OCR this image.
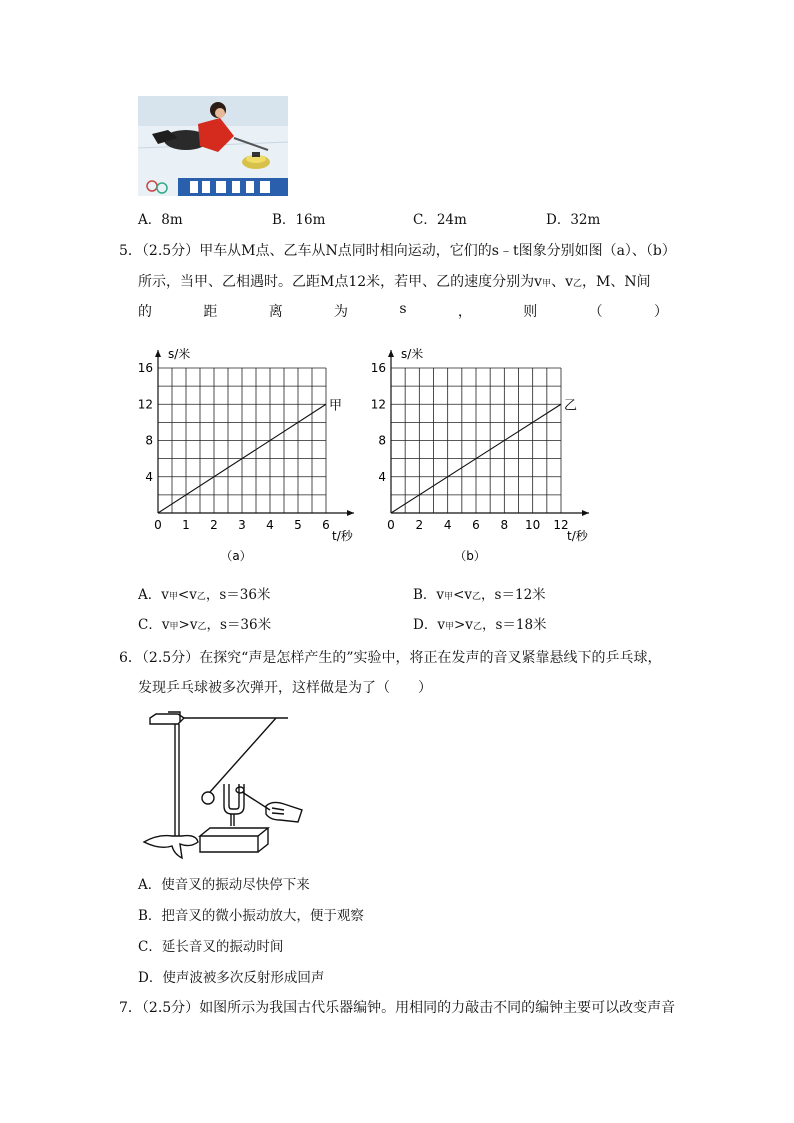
A．8m	B．16m	C．24m	D．32m
5．（2.5分）甲车从M点、乙车从N点同时相向运动，它们的s﹣t图象分别如图（a）、（b）
所示，当甲、乙相遇时。乙距M点12米，若甲、乙的速度分别为v甲、v乙，M、N间
的	距	离	为	s	，	则	（	）
0 1 2 3 4 5 6
4
8
12
16
s/米
t/秒
甲
（a）
0 2 4 6 8 10 12
4
8
12
16
s/米
t/秒
乙
（b）
A．v甲<v乙，s＝36米	B．v甲<v乙，s＝12米
C．v甲>v乙，s＝36米	D．v甲>v乙，s＝18米
6．（2.5分）在探究“声是怎样产生的”实验中，将正在发声的音叉紧靠悬线下的乒乓球，
发现乒乓球被多次弹开，这样做是为了（　　）
A．使音叉的振动尽快停下来
B．把音叉的微小振动放大，便于观察
C．延长音叉的振动时间
D．使声波被多次反射形成回声
7．（2.5分）如图所示为我国古代乐器编钟。用相同的力敲击不同的编钟主要可以改变声音
